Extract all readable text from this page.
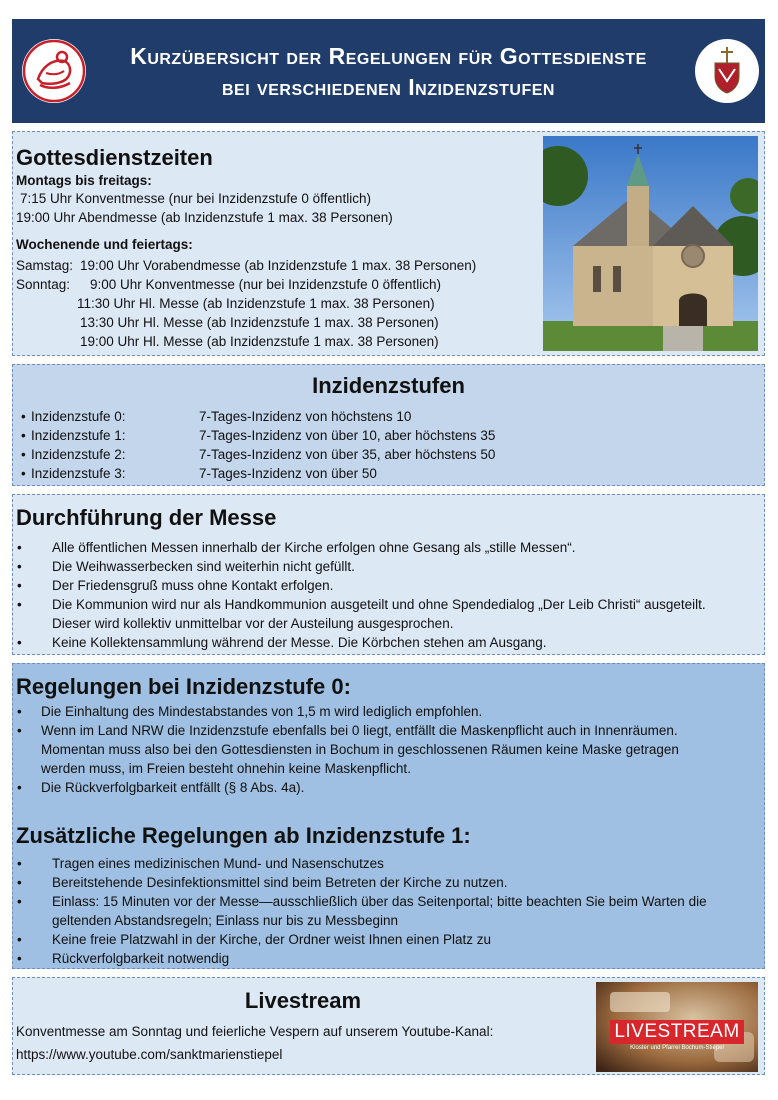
Kurzübersicht der Regelungen für Gottesdienste
bei verschiedenen Inzidenzstufen
Gottesdienstzeiten
Montags bis freitags:
7:15 Uhr Konventmesse (nur bei Inzidenzstufe 0 öffentlich)
19:00 Uhr Abendmesse (ab Inzidenzstufe 1 max. 38 Personen)
Wochenende und feiertags:
Samstag: 19:00 Uhr Vorabendmesse (ab Inzidenzstufe 1 max. 38 Personen)
Sonntag: 9:00 Uhr Konventmesse (nur bei Inzidenzstufe 0 öffentlich)
11:30 Uhr Hl. Messe (ab Inzidenzstufe 1 max. 38 Personen)
13:30 Uhr Hl. Messe (ab Inzidenzstufe 1 max. 38 Personen)
19:00 Uhr Hl. Messe (ab Inzidenzstufe 1 max. 38 Personen)
Inzidenzstufen
• Inzidenzstufe 0:	7-Tages-Inzidenz von höchstens 10
• Inzidenzstufe 1:	7-Tages-Inzidenz von über 10, aber höchstens 35
• Inzidenzstufe 2:	7-Tages-Inzidenz von über 35, aber höchstens 50
• Inzidenzstufe 3:	7-Tages-Inzidenz von über 50
Durchführung der Messe
•	Alle öffentlichen Messen innerhalb der Kirche erfolgen ohne Gesang als „stille Messen“.
•	Die Weihwasserbecken sind weiterhin nicht gefüllt.
•	Der Friedensgruß muss ohne Kontakt erfolgen.
•	Die Kommunion wird nur als Handkommunion ausgeteilt und ohne Spendedialog „Der Leib Christi“ ausgeteilt.
Dieser wird kollektiv unmittelbar vor der Austeilung ausgesprochen.
•	Keine Kollektensammlung während der Messe. Die Körbchen stehen am Ausgang.
Regelungen bei Inzidenzstufe 0:
•	Die Einhaltung des Mindestabstandes von 1,5 m wird lediglich empfohlen.
•	Wenn im Land NRW die Inzidenzstufe ebenfalls bei 0 liegt, entfällt die Maskenpflicht auch in Innenräumen.
Momentan muss also bei den Gottesdiensten in Bochum in geschlossenen Räumen keine Maske getragen
werden muss, im Freien besteht ohnehin keine Maskenpflicht.
•	Die Rückverfolgbarkeit entfällt (§ 8 Abs. 4a).
Zusätzliche Regelungen ab Inzidenzstufe 1:
•	Tragen eines medizinischen Mund- und Nasenschutzes
•	Bereitstehende Desinfektionsmittel sind beim Betreten der Kirche zu nutzen.
•	Einlass: 15 Minuten vor der Messe—ausschließlich über das Seitenportal; bitte beachten Sie beim Warten die
geltenden Abstandsregeln; Einlass nur bis zu Messbeginn
•	Keine freie Platzwahl in der Kirche, der Ordner weist Ihnen einen Platz zu
•	Rückverfolgbarkeit notwendig
Livestream
Konventmesse am Sonntag und feierliche Vespern auf unserem Youtube-Kanal:
https://www.youtube.com/sanktmarienstiepel
LIVESTREAM
Kloster und Pfarrei Bochum-Stiepel
